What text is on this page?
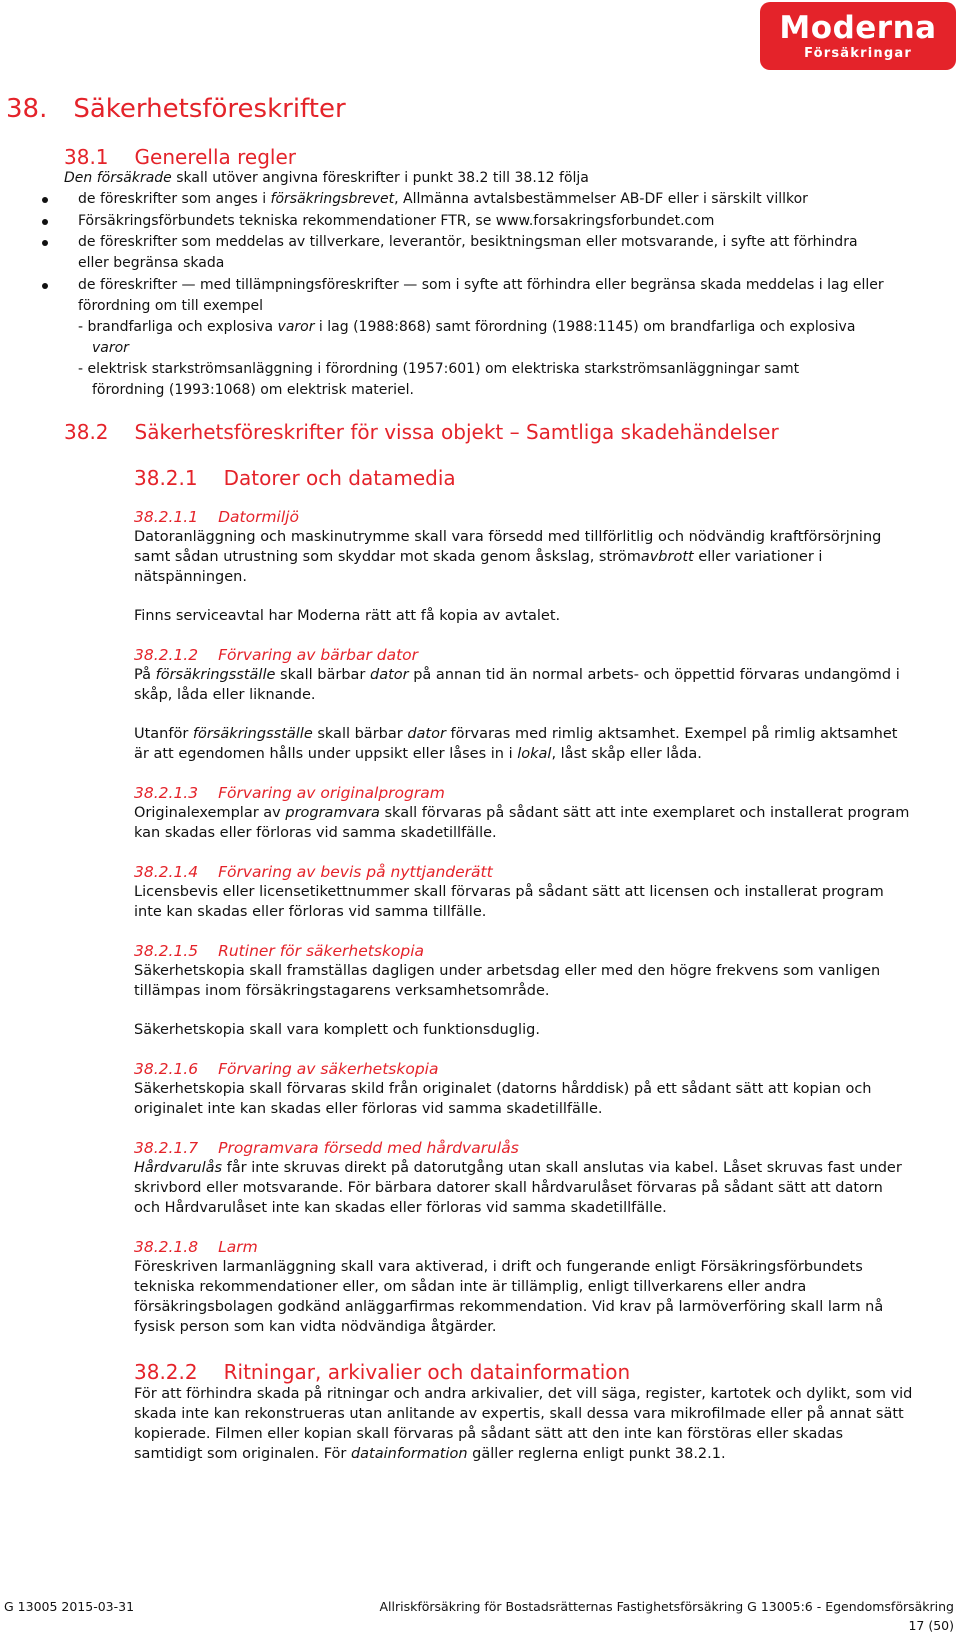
Moderna
Försäkringar
38. Säkerhetsföreskrifter
38.1 Generella regler
Den försäkrade skall utöver angivna föreskrifter i punkt 38.2 till 38.12 följa
de föreskrifter som anges i försäkringsbrevet, Allmänna avtalsbestämmelser AB-DF eller i särskilt villkor
Försäkringsförbundets tekniska rekommendationer FTR, se www.forsakringsforbundet.com
de föreskrifter som meddelas av tillverkare, leverantör, besiktningsman eller motsvarande, i syfte att förhindra
eller begränsa skada
de föreskrifter — med tillämpningsföreskrifter — som i syfte att förhindra eller begränsa skada meddelas i lag eller
förordning om till exempel
- brandfarliga och explosiva varor i lag (1988:868) samt förordning (1988:1145) om brandfarliga och explosiva
varor
- elektrisk starkströmsanläggning i förordning (1957:601) om elektriska starkströmsanläggningar samt
förordning (1993:1068) om elektrisk materiel.
38.2 Säkerhetsföreskrifter för vissa objekt – Samtliga skadehändelser
38.2.1 Datorer och datamedia
38.2.1.1 Datormiljö
Datoranläggning och maskinutrymme skall vara försedd med tillförlitlig och nödvändig kraftförsörjning
samt sådan utrustning som skyddar mot skada genom åskslag, strömavbrott eller variationer i
nätspänningen.
Finns serviceavtal har Moderna rätt att få kopia av avtalet.
38.2.1.2 Förvaring av bärbar dator
På försäkringsställe skall bärbar dator på annan tid än normal arbets- och öppettid förvaras undangömd i
skåp, låda eller liknande.
Utanför försäkringsställe skall bärbar dator förvaras med rimlig aktsamhet. Exempel på rimlig aktsamhet
är att egendomen hålls under uppsikt eller låses in i lokal, låst skåp eller låda.
38.2.1.3 Förvaring av originalprogram
Originalexemplar av programvara skall förvaras på sådant sätt att inte exemplaret och installerat program
kan skadas eller förloras vid samma skadetillfälle.
38.2.1.4 Förvaring av bevis på nyttjanderätt
Licensbevis eller licensetikettnummer skall förvaras på sådant sätt att licensen och installerat program
inte kan skadas eller förloras vid samma tillfälle.
38.2.1.5 Rutiner för säkerhetskopia
Säkerhetskopia skall framställas dagligen under arbetsdag eller med den högre frekvens som vanligen
tillämpas inom försäkringstagarens verksamhetsområde.
Säkerhetskopia skall vara komplett och funktionsduglig.
38.2.1.6 Förvaring av säkerhetskopia
Säkerhetskopia skall förvaras skild från originalet (datorns hårddisk) på ett sådant sätt att kopian och
originalet inte kan skadas eller förloras vid samma skadetillfälle.
38.2.1.7 Programvara försedd med hårdvarulås
Hårdvarulås får inte skruvas direkt på datorutgång utan skall anslutas via kabel. Låset skruvas fast under
skrivbord eller motsvarande. För bärbara datorer skall hårdvarulåset förvaras på sådant sätt att datorn
och Hårdvarulåset inte kan skadas eller förloras vid samma skadetillfälle.
38.2.1.8 Larm
Föreskriven larmanläggning skall vara aktiverad, i drift och fungerande enligt Försäkringsförbundets
tekniska rekommendationer eller, om sådan inte är tillämplig, enligt tillverkarens eller andra
försäkringsbolagen godkänd anläggarfirmas rekommendation. Vid krav på larmöverföring skall larm nå
fysisk person som kan vidta nödvändiga åtgärder.
38.2.2 Ritningar, arkivalier och datainformation
För att förhindra skada på ritningar och andra arkivalier, det vill säga, register, kartotek och dylikt, som vid
skada inte kan rekonstrueras utan anlitande av expertis, skall dessa vara mikrofilmade eller på annat sätt
kopierade. Filmen eller kopian skall förvaras på sådant sätt att den inte kan förstöras eller skadas
samtidigt som originalen. För datainformation gäller reglerna enligt punkt 38.2.1.
G 13005 2015-03-31	Allriskförsäkring för Bostadsrätternas Fastighetsförsäkring G 13005:6 - Egendomsförsäkring
17 (50)
